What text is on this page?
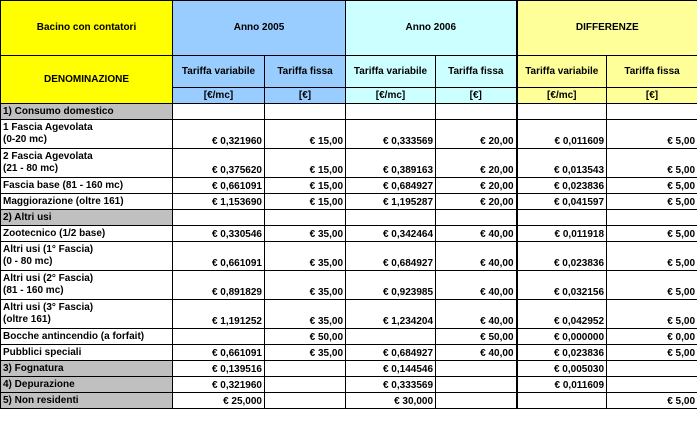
Bacino con contatori	Anno 2005		Anno 2006		DIFFERENZE	
DENOMINAZIONE	Tariffa variabile	Tariffa fissa	Tariffa variabile	Tariffa fissa	Tariffa variabile	Tariffa fissa
	[€/mc]	[€]	[€/mc]	[€]	[€/mc]	[€]

1) Consumo domestico						

1 Fascia Agevolata
(0-20 mc)	€ 0,321960	€ 15,00	€ 0,333569	€ 20,00	€ 0,011609	€ 5,00

2 Fascia Agevolata
(21 - 80 mc)	€ 0,375620	€ 15,00	€ 0,389163	€ 20,00	€ 0,013543	€ 5,00

Fascia base (81 - 160 mc)	€ 0,661091	€ 15,00	€ 0,684927	€ 20,00	€ 0,023836	€ 5,00

Maggiorazione (oltre 161)	€ 1,153690	€ 15,00	€ 1,195287	€ 20,00	€ 0,041597	€ 5,00

2) Altri usi						

Zootecnico (1/2 base)	€ 0,330546	€ 35,00	€ 0,342464	€ 40,00	€ 0,011918	€ 5,00

Altri usi (1° Fascia)
(0 - 80 mc)	€ 0,661091	€ 35,00	€ 0,684927	€ 40,00	€ 0,023836	€ 5,00

Altri usi (2° Fascia)
(81 - 160 mc)	€ 0,891829	€ 35,00	€ 0,923985	€ 40,00	€ 0,032156	€ 5,00

Altri usi (3° Fascia)
(oltre 161)	€ 1,191252	€ 35,00	€ 1,234204	€ 40,00	€ 0,042952	€ 5,00

Bocche antincendio (a forfait)		€ 50,00		€ 50,00	€ 0,000000	€ 0,00

Pubblici speciali	€ 0,661091	€ 35,00	€ 0,684927	€ 40,00	€ 0,023836	€ 5,00

3) Fognatura	€ 0,139516		€ 0,144546		€ 0,005030	

4) Depurazione	€ 0,321960		€ 0,333569		€ 0,011609	

5) Non residenti	€ 25,000		€ 30,000			€ 5,00
